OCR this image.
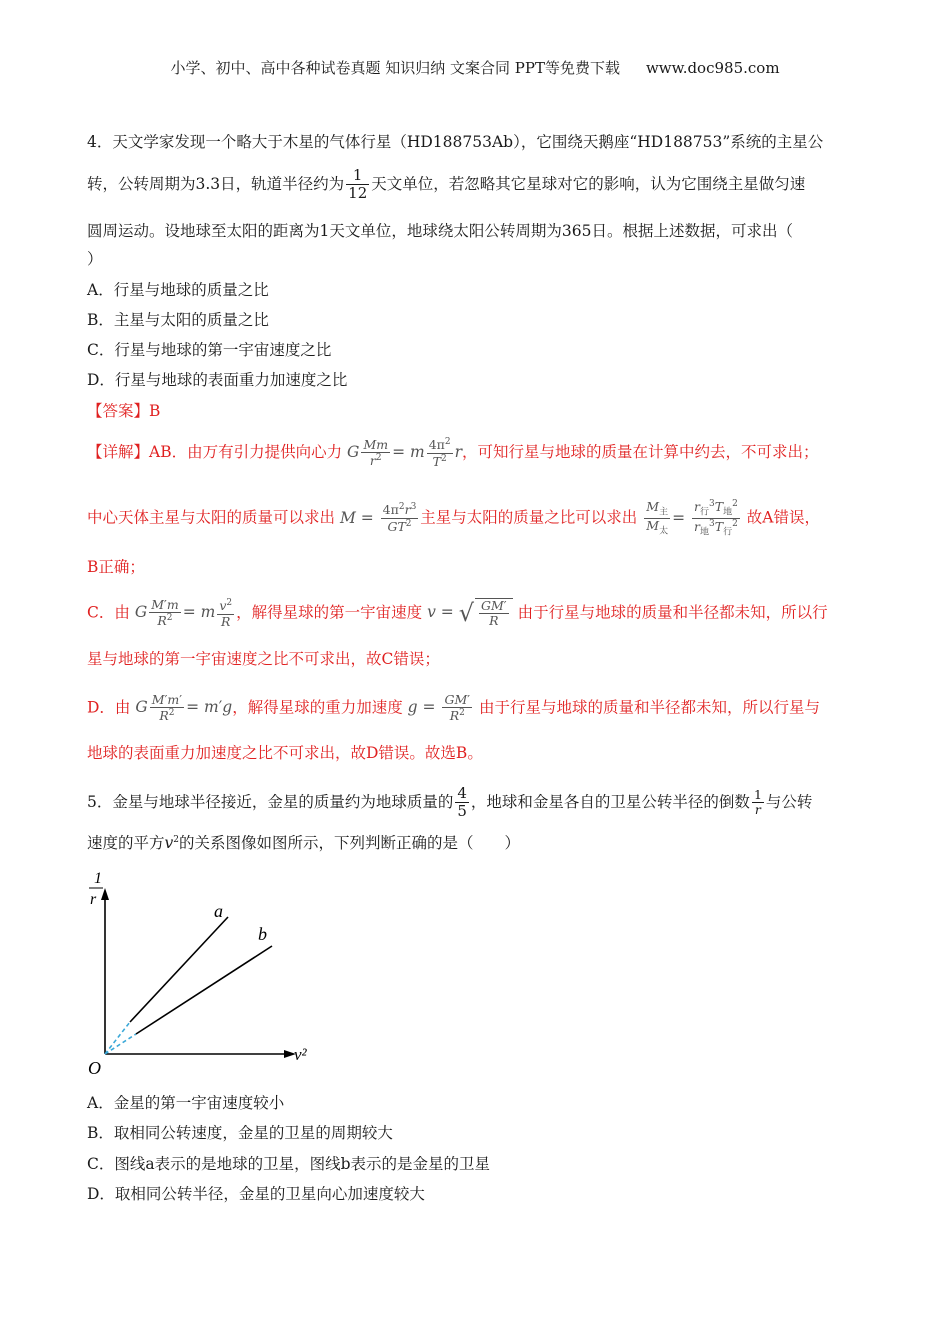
小学、初中、高中各种试卷真题 知识归纳 文案合同 PPT等免费下载 www.doc985.com
4．天文学家发现一个略大于木星的气体行星（HD188753Ab），它围绕天鹅座“HD188753”系统的主星公
转，公转周期为3.3日，轨道半径约为 $\frac{1}{12}$ 天文单位，若忽略其它星球对它的影响，认为它围绕主星做匀速
圆周运动。设地球至太阳的距离为1天文单位，地球绕太阳公转周期为365日。根据上述数据，可求出（
）
A．行星与地球的质量之比
B．主星与太阳的质量之比
C．行星与地球的第一宇宙速度之比
D．行星与地球的表面重力加速度之比
【答案】B
【详解】AB．由万有引力提供向心力 G $\frac{Mm}{r^2} = m \frac{4\pi^2}{T^2}$ r，可知行星与地球的质量在计算中约去，不可求出；
中心天体主星与太阳的质量可以求出 $M = \frac{4\pi^2r^3}{GT^2}$ 主星与太阳的质量之比可以求出 $\frac{M_主}{M_太} = \frac{r_行^3T_地^2}{r_地^3T_行^2}$ 故A错误，
B正确；
C．由 G $\frac{M'm}{R^2} = m \frac{v^2}{R}$ ，解得星球的第一宇宙速度 v = √ $\frac{GM'}{R}$ 由于行星与地球的质量和半径都未知，所以行
星与地球的第一宇宙速度之比不可求出，故C错误；
D．由 G $\frac{M'm'}{R^2} = m'g$，解得星球的重力加速度 $g = \frac{GM'}{R^2}$ 由于行星与地球的质量和半径都未知，所以行星与
地球的表面重力加速度之比不可求出，故D错误。故选B。
5．金星与地球半径接近，金星的质量约为地球质量的 $\frac{4}{5}$ ，地球和金星各自的卫星公转半径的倒数 $\frac{1}{r}$ 与公转
速度的平方$v^2$的关系图像如图所示，下列判断正确的是（　　）
1
r
v²
O
a
b
A．金星的第一宇宙速度较小
B．取相同公转速度，金星的卫星的周期较大
C．图线a表示的是地球的卫星，图线b表示的是金星的卫星
D．取相同公转半径，金星的卫星向心加速度较大
